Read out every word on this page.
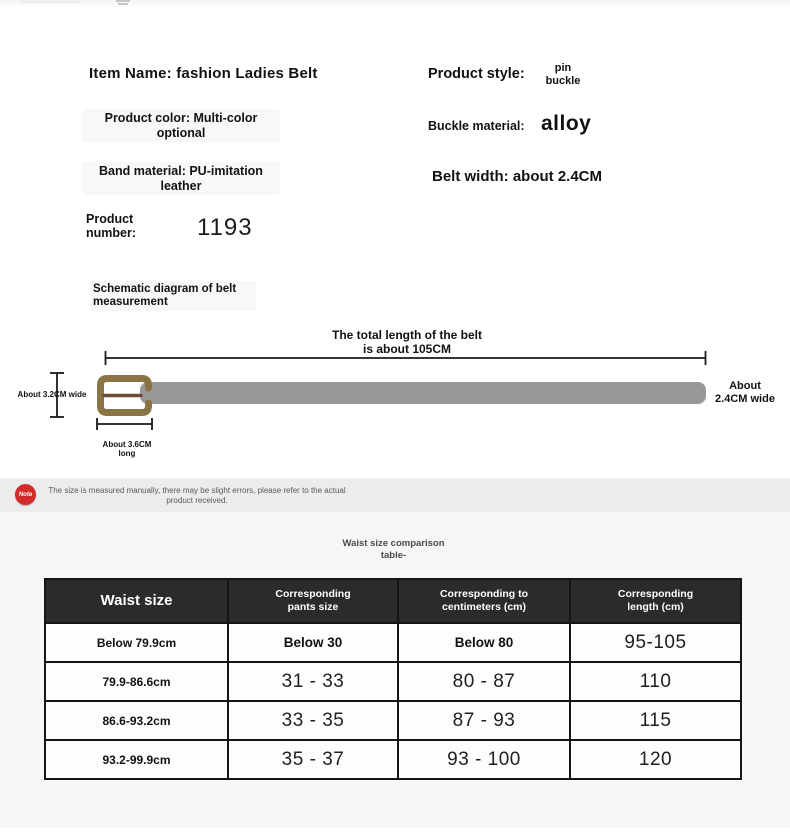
Item Name: fashion Ladies Belt
Product color: Multi-color optional
Band material: PU-imitation leather
Product number:	1193
Product style:	pin buckle
Buckle material: alloy
Belt width: about 2.4CM
Schematic diagram of belt measurement
The total length of the belt
is about 105CM
About 3.2CM wide
About 3.6CM long
About 2.4CM wide
Note	The size is measured manually, there may be slight errors, please refer to the actual product received.
Waist size comparison table-
Waist size	Corresponding pants size	Corresponding to centimeters (cm)	Corresponding length (cm)
Below 79.9cm	Below 30	Below 80	95-105
79.9-86.6cm	31 - 33	80 - 87	110
86.6-93.2cm	33 - 35	87 - 93	115
93.2-99.9cm	35 - 37	93 - 100	120
